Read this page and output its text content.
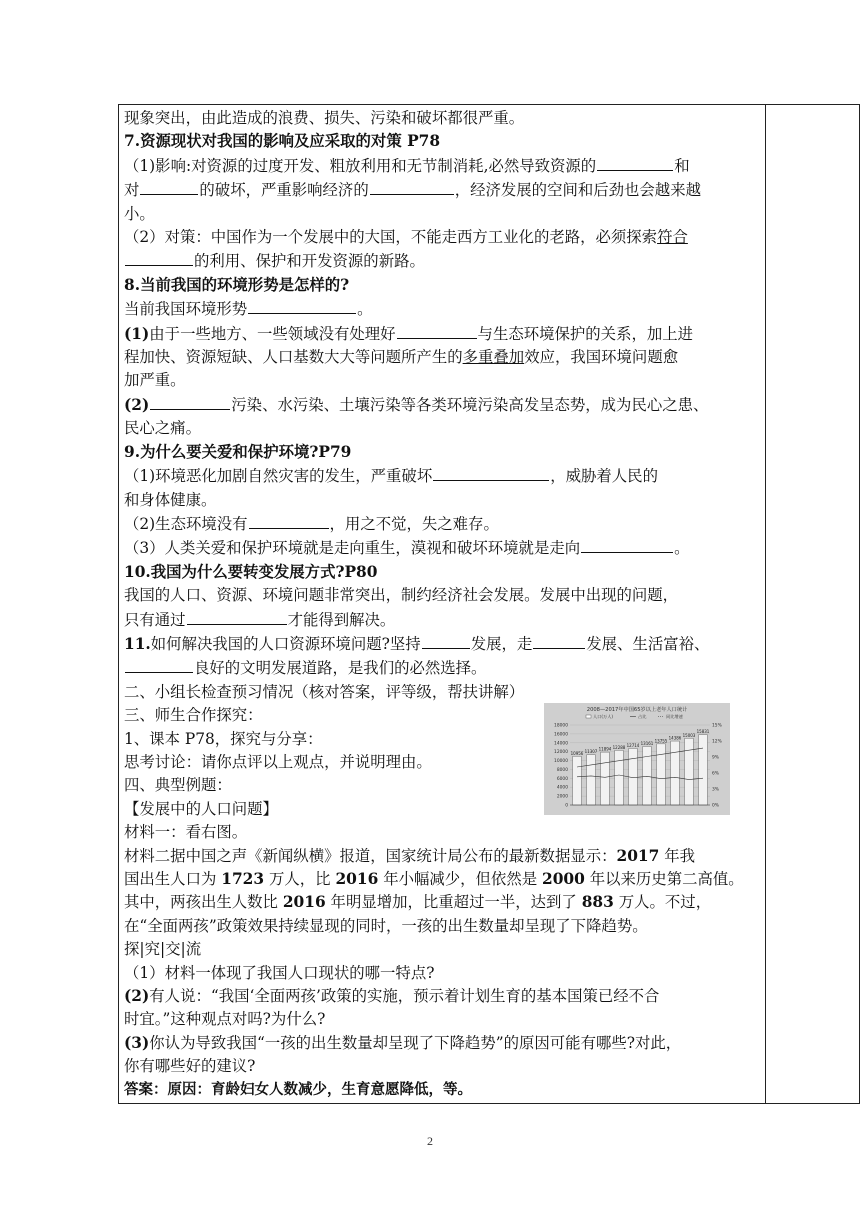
现象突出，由此造成的浪费、损失、污染和破坏都很严重。

7.资源现状对我国的影响及应采取的对策 P78

（1)影响:对资源的过度开发、粗放利用和无节制消耗,必然导致资源的	和

对	的破坏，严重影响经济的	，经济发展的空间和后劲也会越来越

小。

（2）对策：中国作为一个发展中的大国，不能走西方工业化的老路，必须探索符合

的利用、保护和开发资源的新路。

8.当前我国的环境形势是怎样的?

当前我国环境形势	。

(1)由于一些地方、一些领域没有处理好	与生态环境保护的关系，加上进

程加快、资源短缺、人口基数大大等问题所产生的多重叠加效应，我国环境问题愈

加严重。

(2)	污染、水污染、土壤污染等各类环境污染高发呈态势，成为民心之患、

民心之痛。

9.为什么要关爱和保护环境?P79

（1)环境恶化加剧自然灾害的发生，严重破坏	，威胁着人民的

和身体健康。

（2)生态环境没有	，用之不觉，失之难存。

（3）人类关爱和保护环境就是走向重生，漠视和破坏环境就是走向	。

10.我国为什么要转变发展方式?P80

我国的人口、资源、环境问题非常突出，制约经济社会发展。发展中出现的问题，

只有通过	才能得到解决。

11.如何解决我国的人口资源环境问题?坚持	发展，走	发展、生活富裕、

良好的文明发展道路，是我们的必然选择。

二、小组长检查预习情况（核对答案，评等级，帮扶讲解）

三、师生合作探究：

1、课本 P78，探究与分享：

思考讨论：请你点评以上观点，并说明理由。

四、典型例题：

【发展中的人口问题】

材料一：看右图。

材料二据中国之声《新闻纵横》报道，国家统计局公布的最新数据显示：2017 年我

国出生人口为 1723 万人，比 2016 年小幅减少，但依然是 2000 年以来历史第二高值。

其中，两孩出生人数比 2016 年明显增加，比重超过一半，达到了 883 万人。不过，

在“全面两孩”政策效果持续显现的同时，一孩的出生数量却呈现了下降趋势。

探|究|交|流

（1）材料一体现了我国人口现状的哪一特点?

(2)有人说：“我国‘全面两孩’政策的实施，预示着计划生育的基本国策已经不合

时宜。”这种观点对吗?为什么?

(3)你认为导致我国“一孩的出生数量却呈现了下降趋势”的原因可能有哪些?对此，

你有哪些好的建议?

答案：原因：育龄妇女人数减少，生育意愿降低，等。

2008—2017年中国65岁以上老年人口统计
人口(万人)	占比	同比增速
0
2000
4000
6000
8000
10000
12000
14000
16000
18000
0%
3%
6%
9%
12%
15%
10956 11307
11894 12288 12714 13161
13755
14386
15003
15831
2
